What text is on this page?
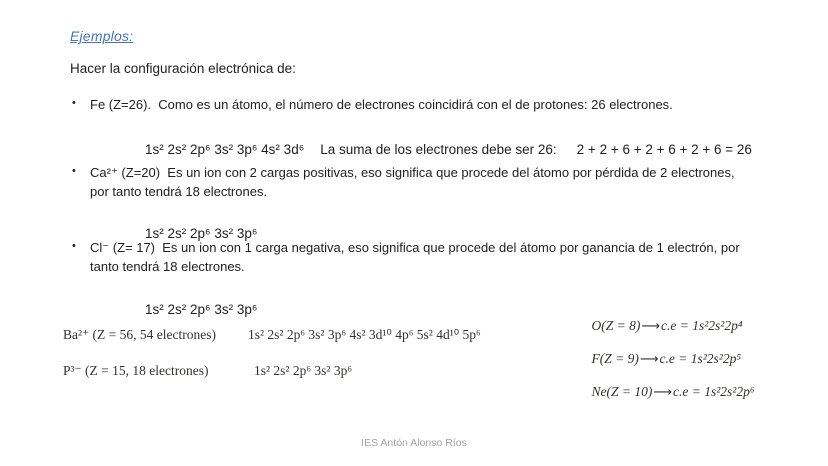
Ejemplos:
Hacer la configuración electrónica de:
• Fe (Z=26).  Como es un átomo, el número de electrones coincidirá con el de protones: 26 electrones.

1s² 2s² 2p⁶ 3s² 3p⁶ 4s² 3d⁶ La suma de los electrones debe ser 26: 2 + 2 + 6 + 2 + 6 + 2 + 6 = 26

• Ca²⁺ (Z=20)  Es un ion con 2 cargas positivas, eso significa que procede del átomo por pérdida de 2 electrones,
por tanto tendrá 18 electrones.

1s² 2s² 2p⁶ 3s² 3p⁶

• Cl⁻ (Z= 17)  Es un ion con 1 carga negativa, eso significa que procede del átomo por ganancia de 1 electrón, por
tanto tendrá 18 electrones.

1s² 2s² 2p⁶ 3s² 3p⁶

Ba²⁺ (Z = 56, 54 electrones) 1s² 2s² 2p⁶ 3s² 3p⁶ 4s² 3d¹⁰ 4p⁶ 5s² 4d¹⁰ 5p⁶
P³⁻ (Z = 15, 18 electrones)	1s² 2s² 2p⁶ 3s² 3p⁶

O(Z = 8)⟶c.e = 1s²2s²2p⁴

F(Z = 9)⟶c.e = 1s²2s²2p⁵

Ne(Z = 10)⟶c.e = 1s²2s²2p⁶

IES Antón Alonso Ríos
